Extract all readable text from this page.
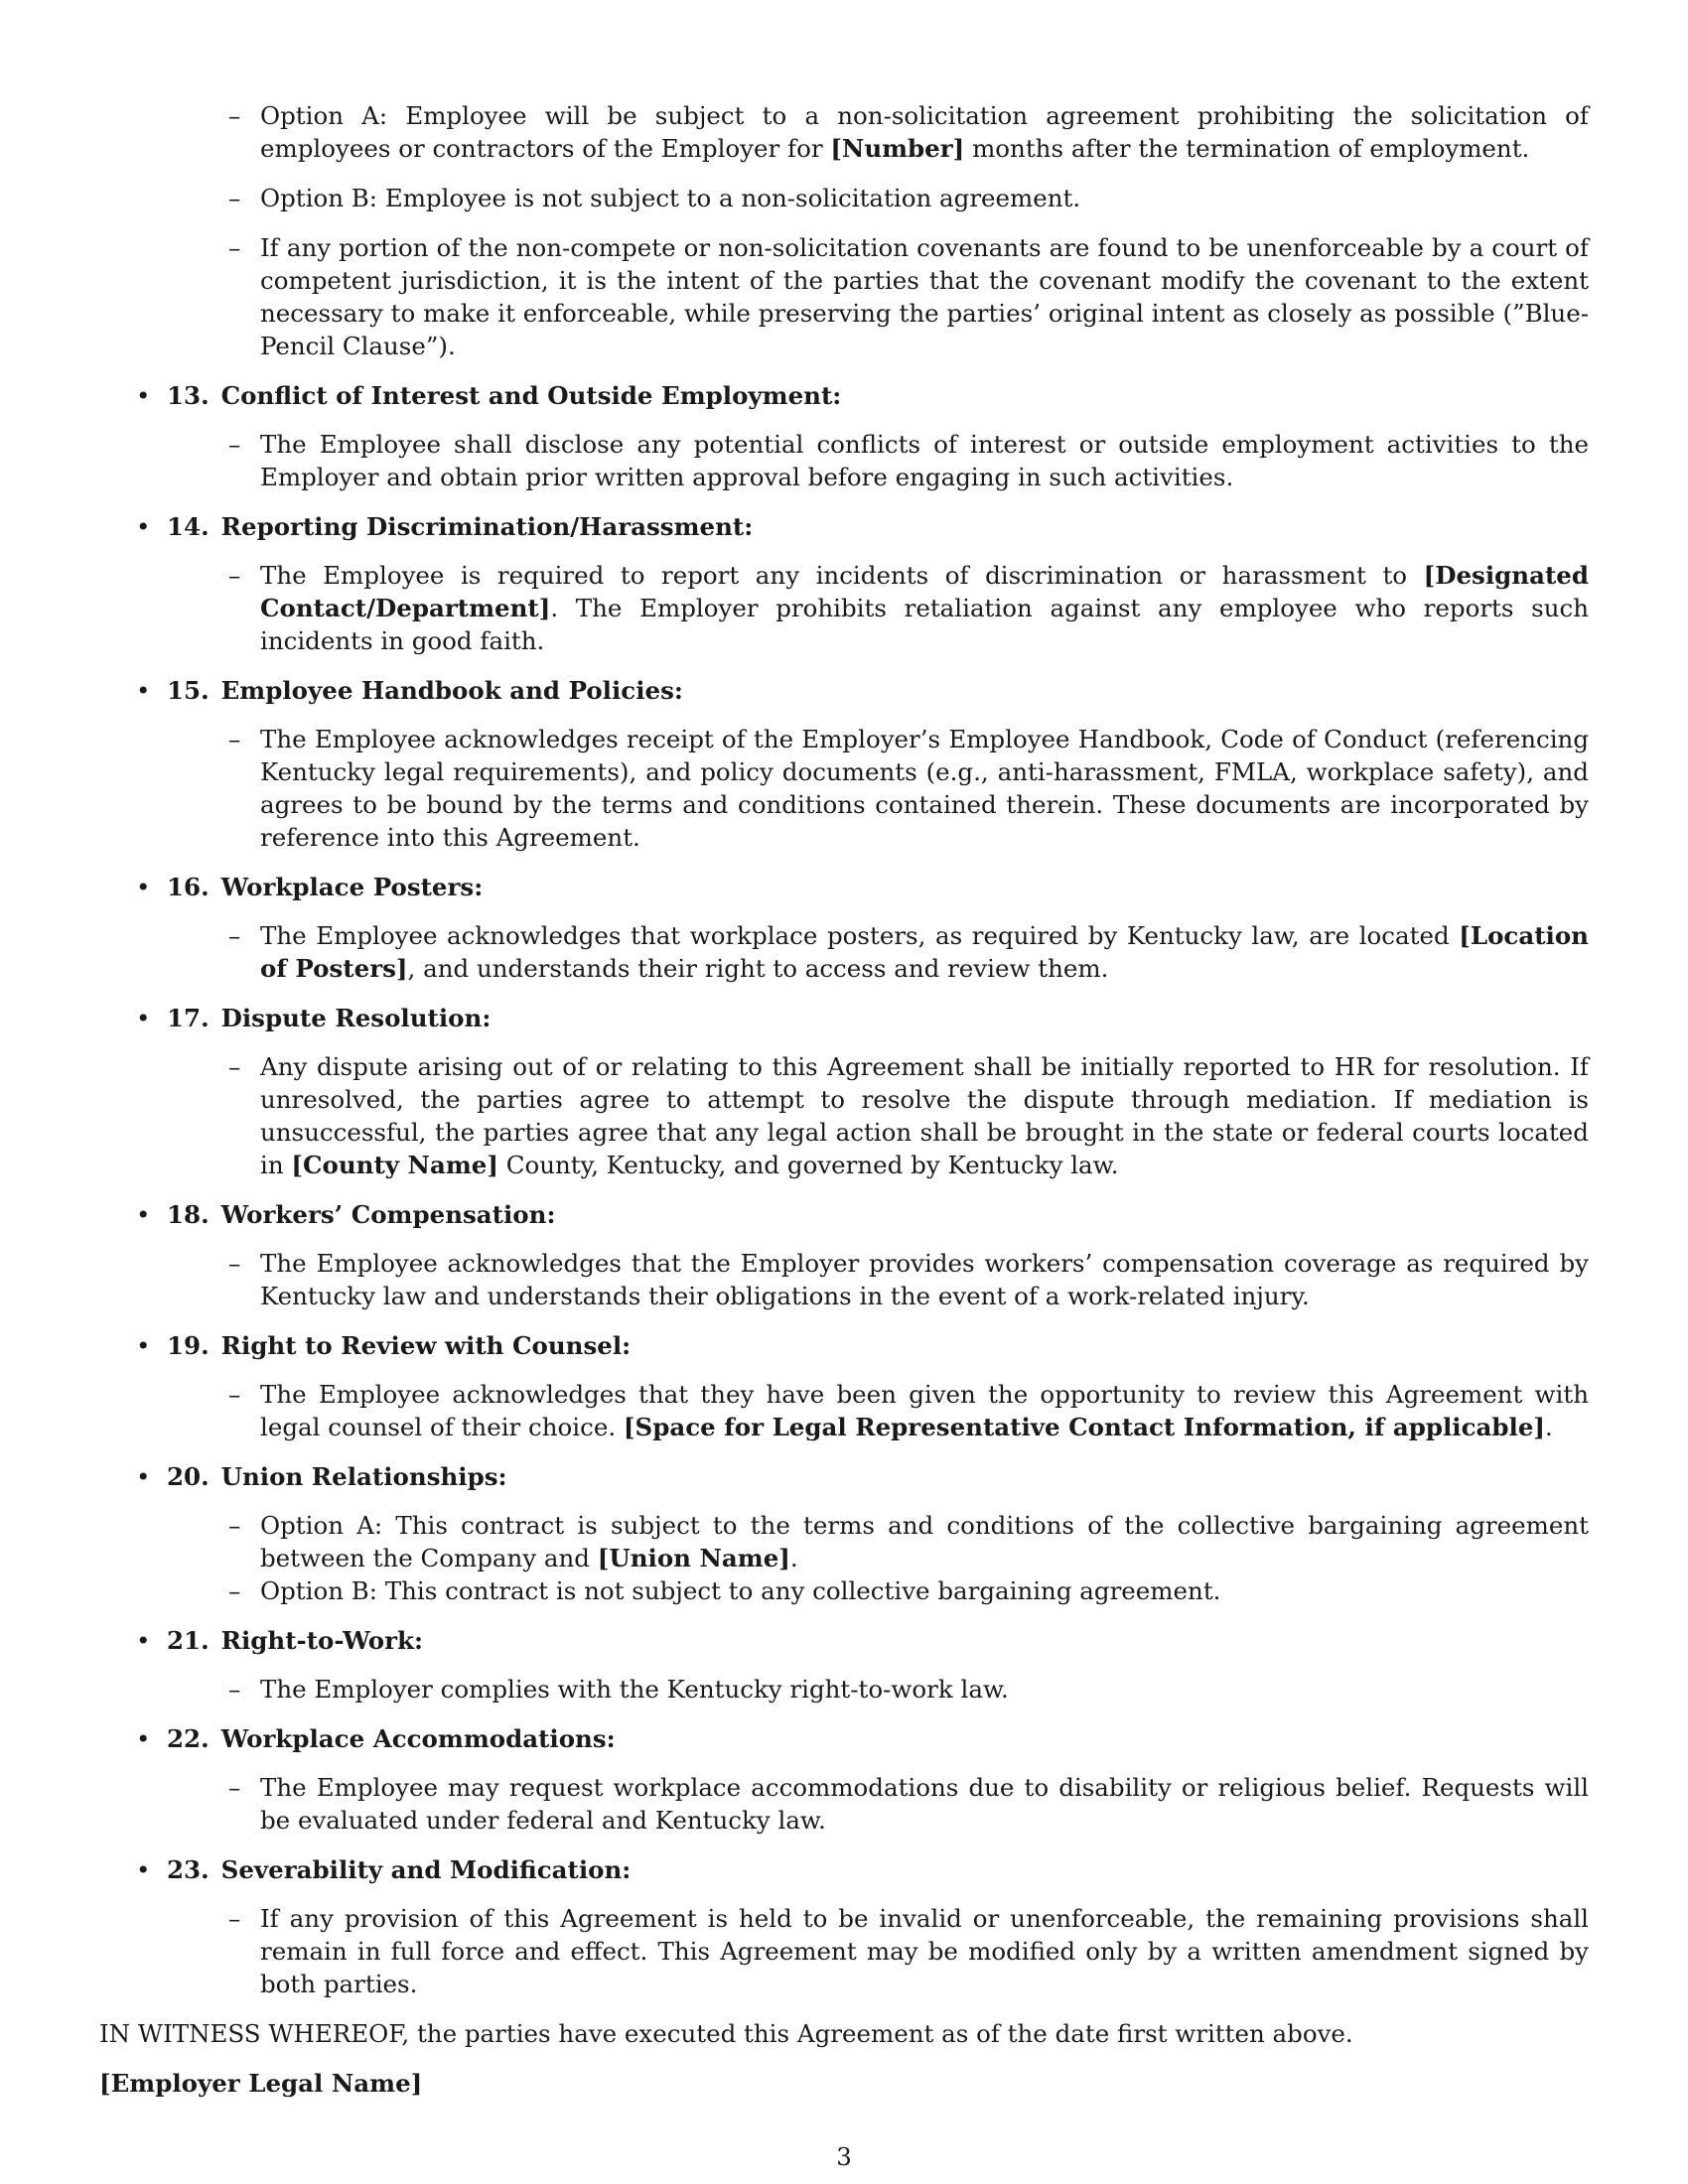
– Option A: Employee will be subject to a non-solicitation agreement prohibiting the solicitation of employees or contractors of the Employer for [Number] months after the termination of employment.
– Option B: Employee is not subject to a non-solicitation agreement.
– If any portion of the non-compete or non-solicitation covenants are found to be unenforceable by a court of competent jurisdiction, it is the intent of the parties that the covenant modify the covenant to the extent necessary to make it enforceable, while preserving the parties’ original intent as closely as possible (”Blue-Pencil Clause”).
• 13. Conflict of Interest and Outside Employment:
– The Employee shall disclose any potential conflicts of interest or outside employment activities to the Employer and obtain prior written approval before engaging in such activities.
• 14. Reporting Discrimination/Harassment:
– The Employee is required to report any incidents of discrimination or harassment to [Designated Contact/Department]. The Employer prohibits retaliation against any employee who reports such incidents in good faith.
• 15. Employee Handbook and Policies:
– The Employee acknowledges receipt of the Employer’s Employee Handbook, Code of Conduct (referencing Kentucky legal requirements), and policy documents (e.g., anti-harassment, FMLA, workplace safety), and agrees to be bound by the terms and conditions contained therein. These documents are incorporated by reference into this Agreement.
• 16. Workplace Posters:
– The Employee acknowledges that workplace posters, as required by Kentucky law, are located [Location of Posters], and understands their right to access and review them.
• 17. Dispute Resolution:
– Any dispute arising out of or relating to this Agreement shall be initially reported to HR for resolution. If unresolved, the parties agree to attempt to resolve the dispute through mediation. If mediation is unsuccessful, the parties agree that any legal action shall be brought in the state or federal courts located in [County Name] County, Kentucky, and governed by Kentucky law.
• 18. Workers’ Compensation:
– The Employee acknowledges that the Employer provides workers’ compensation coverage as required by Kentucky law and understands their obligations in the event of a work-related injury.
• 19. Right to Review with Counsel:
– The Employee acknowledges that they have been given the opportunity to review this Agreement with legal counsel of their choice. [Space for Legal Representative Contact Information, if applicable].
• 20. Union Relationships:
– Option A: This contract is subject to the terms and conditions of the collective bargaining agreement between the Company and [Union Name].
– Option B: This contract is not subject to any collective bargaining agreement.
• 21. Right-to-Work:
– The Employer complies with the Kentucky right-to-work law.
• 22. Workplace Accommodations:
– The Employee may request workplace accommodations due to disability or religious belief. Requests will be evaluated under federal and Kentucky law.
• 23. Severability and Modification:
– If any provision of this Agreement is held to be invalid or unenforceable, the remaining provisions shall remain in full force and effect. This Agreement may be modified only by a written amendment signed by both parties.
IN WITNESS WHEREOF, the parties have executed this Agreement as of the date first written above.
[Employer Legal Name]
3
